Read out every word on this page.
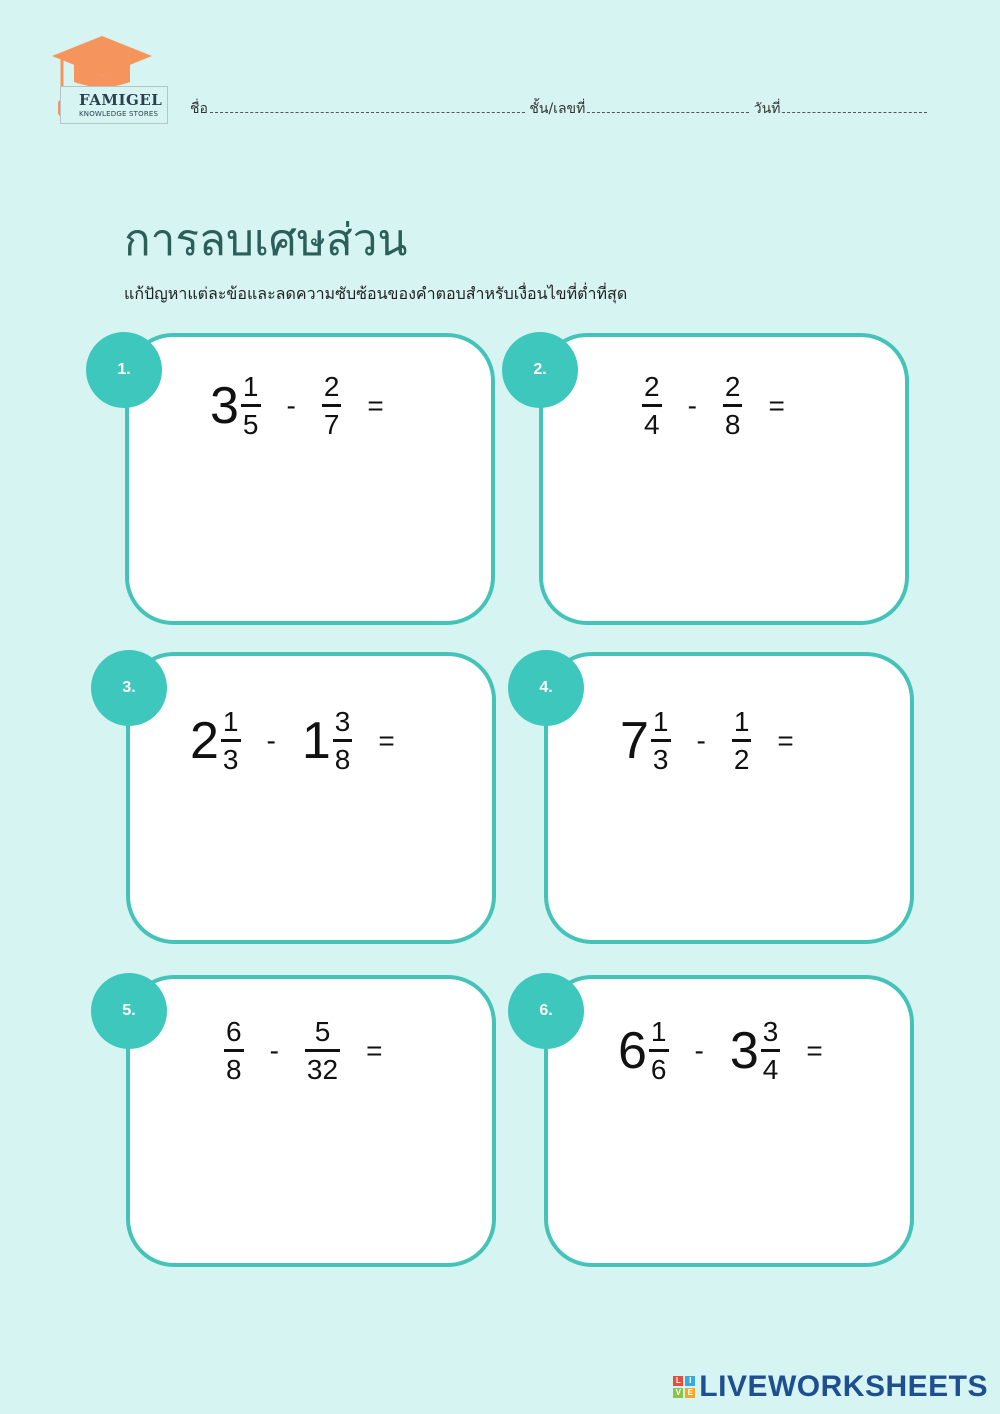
FAMIGEL
KNOWLEDGE STORES ชื่อ	ชั้น/เลขที่	วันที่
การลบเศษส่วน
แก้ปัญหาแต่ละข้อและลดความซับซ้อนของคำตอบสำหรับเงื่อนไขที่ต่ำที่สุด
1.
$3 \frac{1}{5} - \frac{2}{7}$ =
2.
$\frac{2}{4} - \frac{2}{8}$ =
3.
$2 \frac{1}{3} - 1 \frac{3}{8}$ =
4.
$7 \frac{1}{3} - \frac{1}{2}$ =
5.
$\frac{6}{8} - \frac{5}{32}$ =
6.
$6 \frac{1}{6} - 3 \frac{3}{4}$ =
L	I
V E LIVEWORKSHEETS
